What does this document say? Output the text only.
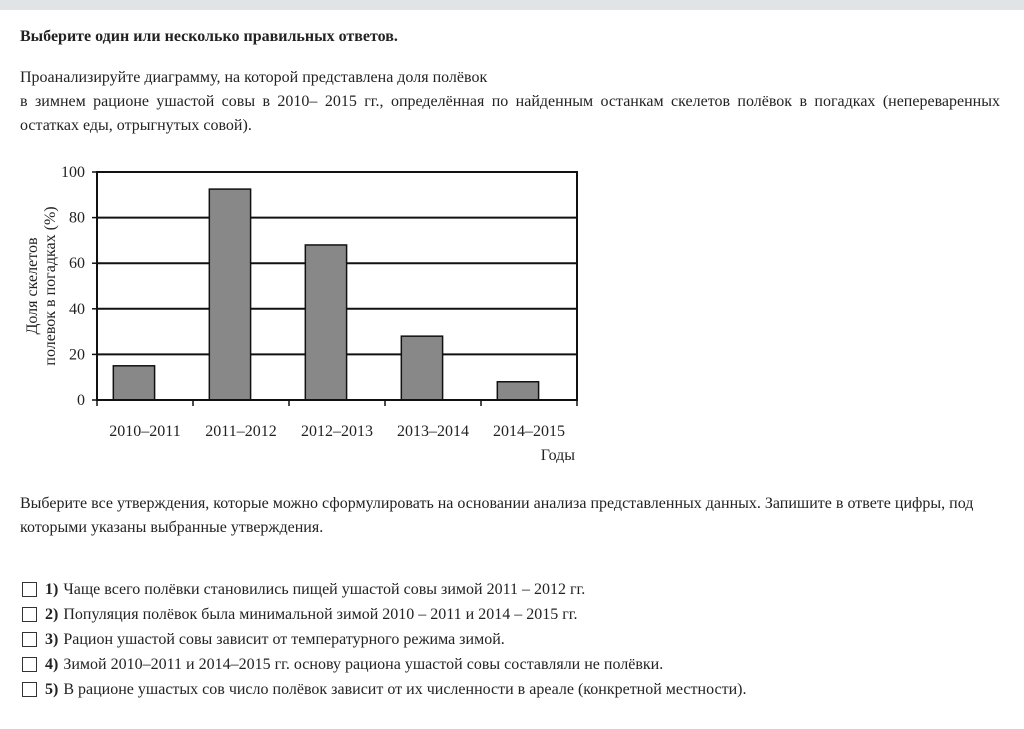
Выберите один или несколько правильных ответов.

Проанализируйте диаграмму, на которой представлена доля полёвок

в зимнем рационе ушастой совы в 2010– 2015 гг., определённая по найденным останкам скелетов полёвок в погадках (непереваренных остатках еды, отрыгнутых совой).

0
20
40
60
80
100
2010–2011 2011–2012 2012–2013 2013–2014 2014–2015
Годы
Доля скелетов полевок в погадках (%)
Выберите все утверждения, которые можно сформулировать на основании анализа представленных данных. Запишите в ответе цифры, под которыми указаны выбранные утверждения.
1) Чаще всего полёвки становились пищей ушастой совы зимой 2011 – 2012 гг.
2) Популяция полёвок была минимальной зимой 2010 – 2011 и 2014 – 2015 гг.
3) Рацион ушастой совы зависит от температурного режима зимой.
4) Зимой 2010–2011 и 2014–2015 гг. основу рациона ушастой совы составляли не полёвки.
5) В рационе ушастых сов число полёвок зависит от их численности в ареале (конкретной местности).
